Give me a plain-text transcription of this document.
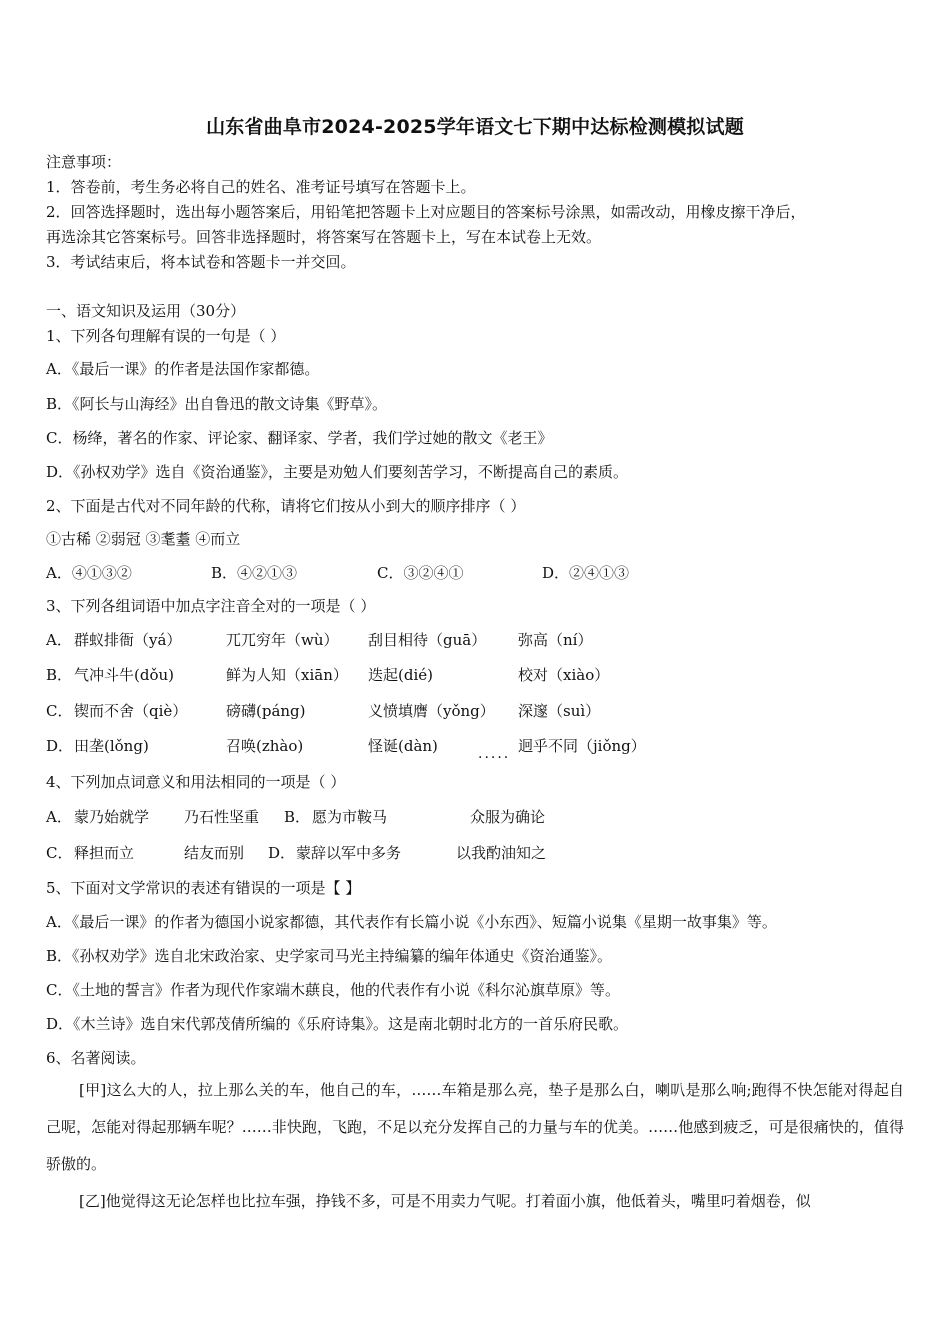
山东省曲阜市2024-2025学年语文七下期中达标检测模拟试题
注意事项：
1．答卷前，考生务必将自己的姓名、准考证号填写在答题卡上。
2．回答选择题时，选出每小题答案后，用铅笔把答题卡上对应题目的答案标号涂黑，如需改动，用橡皮擦干净后，
再选涂其它答案标号。回答非选择题时，将答案写在答题卡上，写在本试卷上无效。
3．考试结束后，将本试卷和答题卡一并交回。
一、语文知识及运用（30分）
1、下列各句理解有误的一句是（ ）
A．《最后一课》的作者是法国作家都德。
B．《阿长与山海经》出自鲁迅的散文诗集《野草》。
C．杨绛，著名的作家、评论家、翻译家、学者，我们学过她的散文《老王》
D．《孙权劝学》选自《资治通鉴》，主要是劝勉人们要刻苦学习，不断提高自己的素质。
2、下面是古代对不同年龄的代称，请将它们按从小到大的顺序排序（ ）
①古稀 ②弱冠 ③耄耋 ④而立
A．④①③②	B．④②①③	C．③②④①	D．②④①③
3、下列各组词语中加点字注音全对的一项是（ ）
A． 群蚁排衙（yá）	兀兀穷年（wù） 刮目相待（guā） 弥高（ní）
B． 气冲斗牛(dǒu)	鲜为人知（xiān） 迭起(dié)	校对（xiào）
C． 锲而不舍（qiè）	磅礴(páng)	义愤填膺（yǒng） 深邃（suì）
D． 田垄(lǒng)	召唤(zhào)	怪诞(dàn)	..... 迥乎不同（jiǒng）
4、下列加点词意义和用法相同的一项是（ ）
A． 蒙乃始就学 乃石性坚重 B． 愿为市鞍马	众服为确论
C． 释担而立	结友而别 D． 蒙辞以军中多务	以我酌油知之
5、下面对文学常识的表述有错误的一项是【 】
A．《最后一课》的作者为德国小说家都德，其代表作有长篇小说《小东西》、短篇小说集《星期一故事集》等。
B．《孙权劝学》选自北宋政治家、史学家司马光主持编纂的编年体通史《资治通鉴》。
C．《土地的誓言》作者为现代作家端木蕻良，他的代表作有小说《科尔沁旗草原》等。
D．《木兰诗》选自宋代郭茂倩所编的《乐府诗集》。这是南北朝时北方的一首乐府民歌。
6、名著阅读。
[甲]这么大的人，拉上那么关的车，他自己的车，……车箱是那么亮，垫子是那么白，喇叭是那么响;跑得不快怎能对得起自己呢，怎能对得起那辆车呢？……非快跑，飞跑，不足以充分发挥自己的力量与车的优美。……他感到疲乏，可是很痛快的，值得骄傲的。
[乙]他觉得这无论怎样也比拉车强，挣钱不多，可是不用卖力气呢。打着面小旗，他低着头，嘴里叼着烟卷，似
